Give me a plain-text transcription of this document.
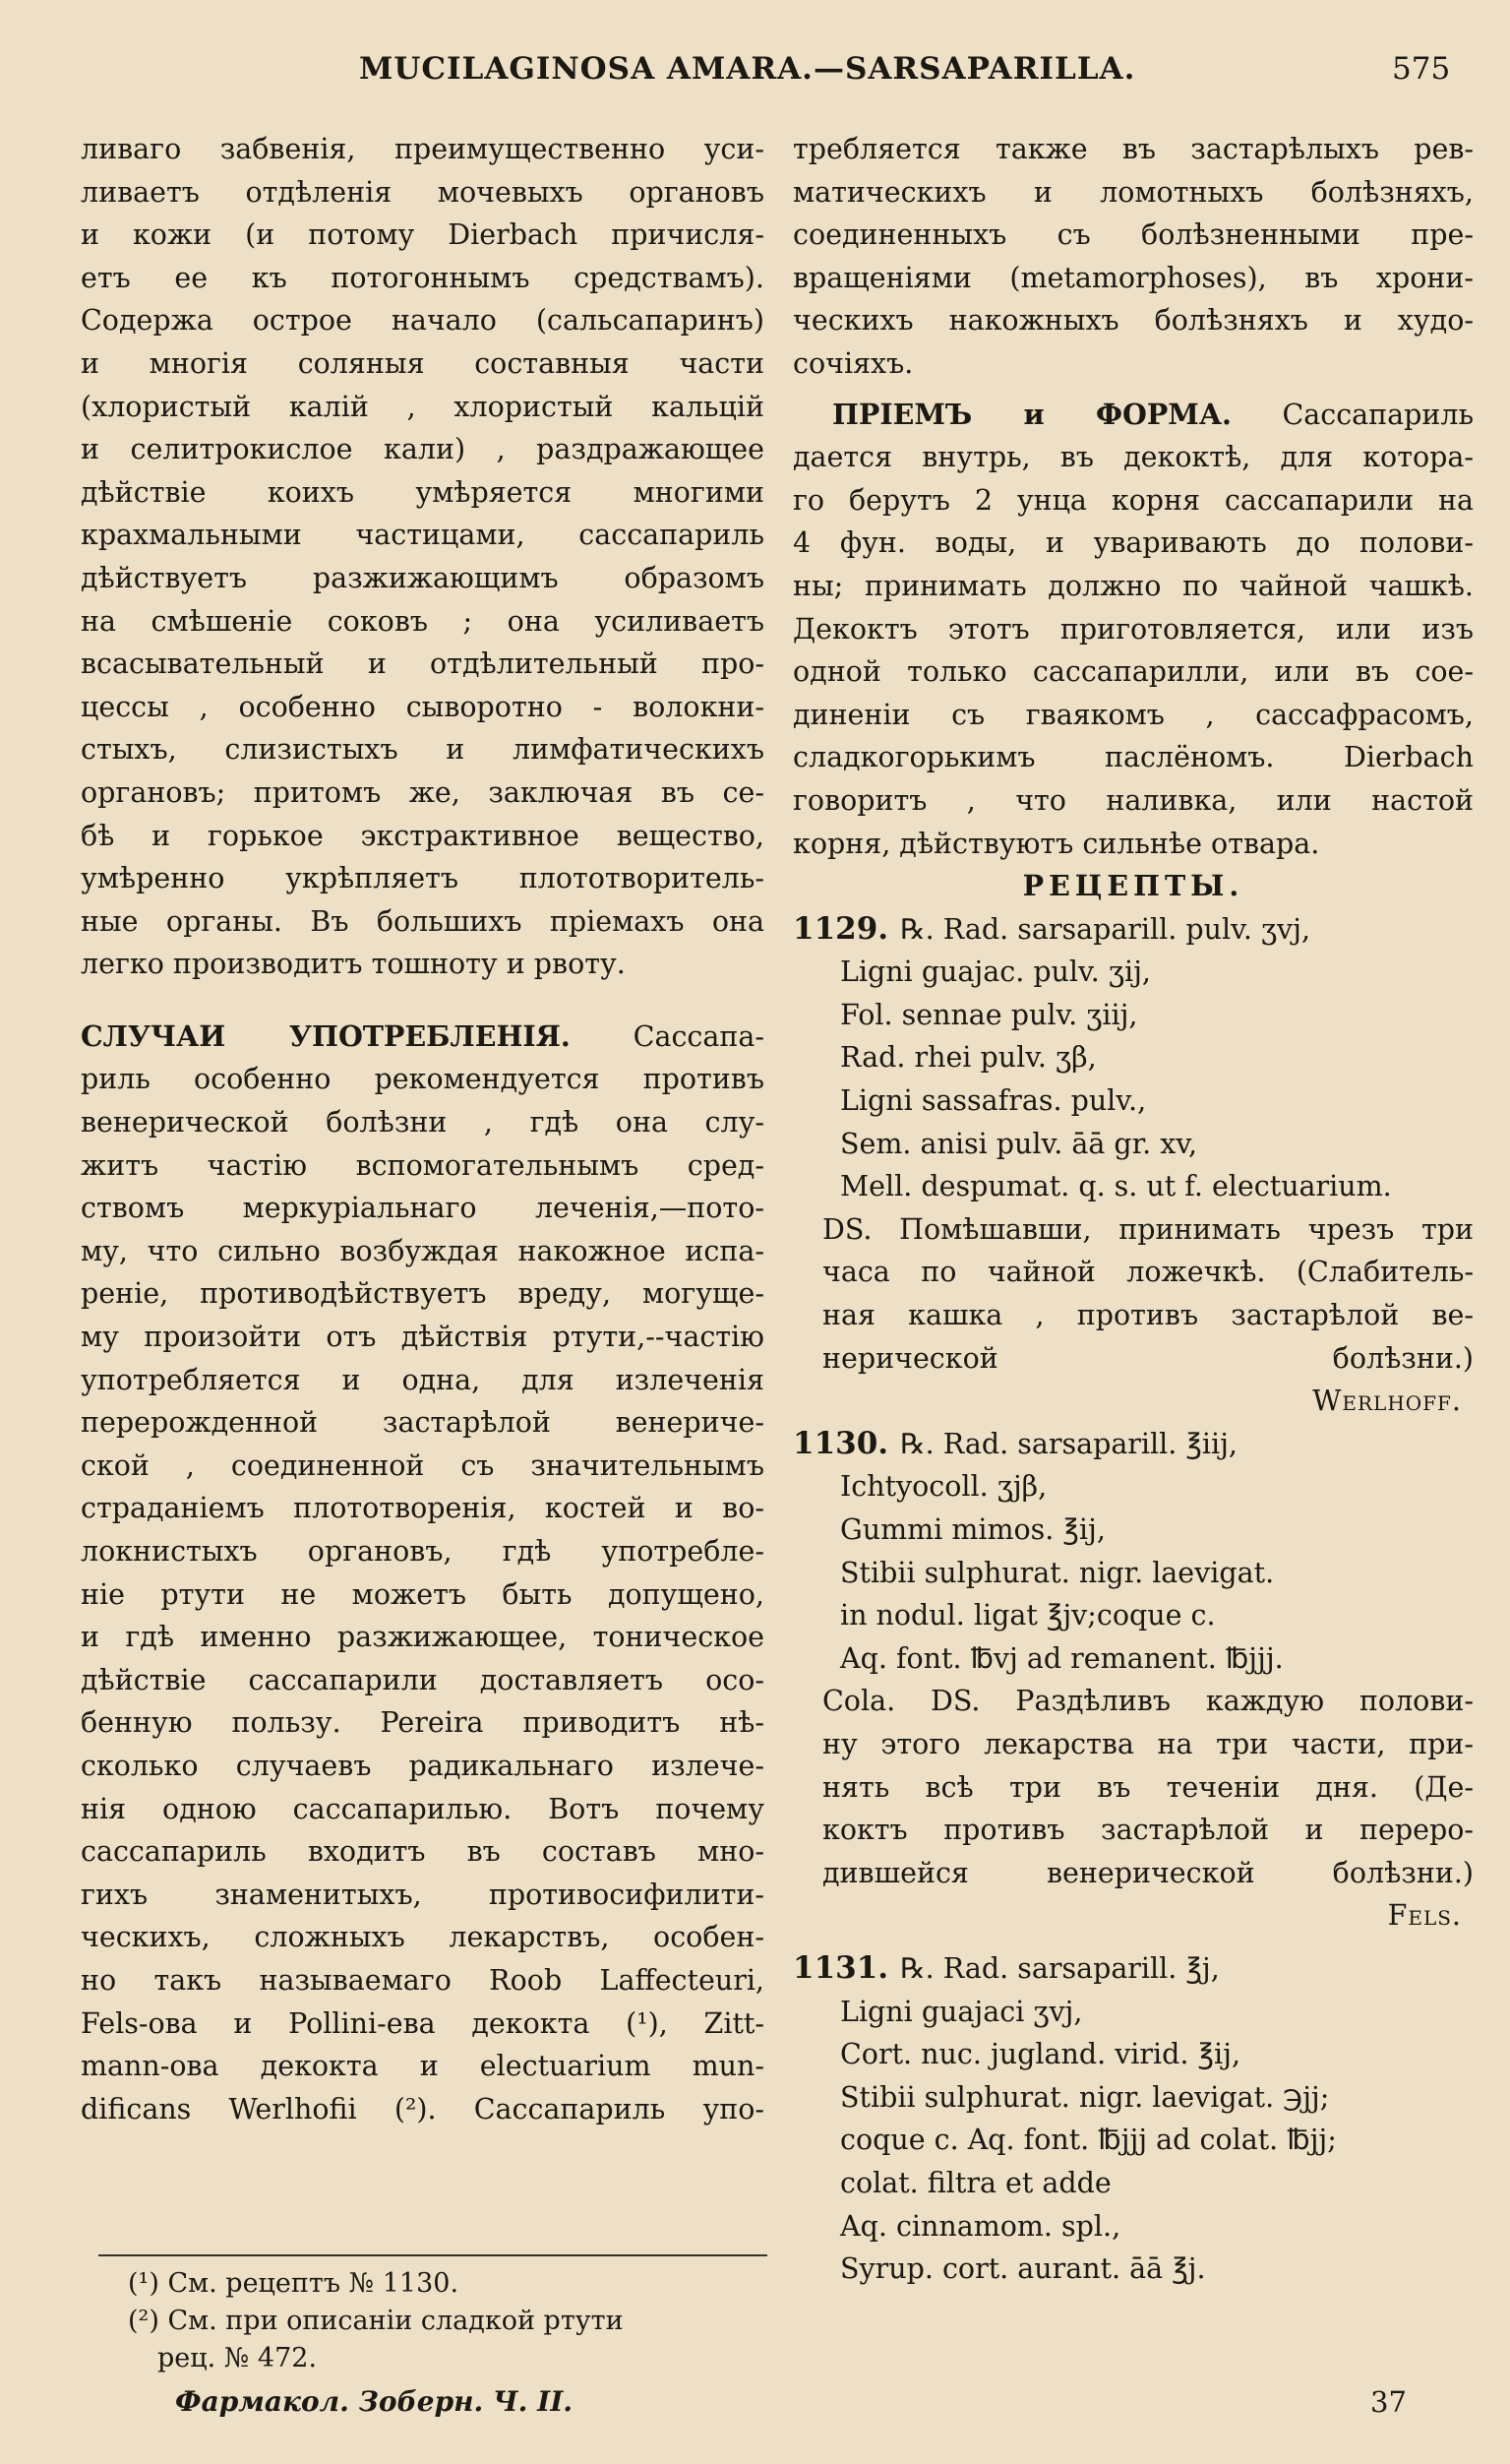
MUCILAGINOSA AMARA.—SARSAPARILLA.	575
ливаго забвенія, преимущественно уси-
ливаетъ отдѣленія мочевыхъ органовъ
и кожи (и потому Dierbach причисля-
етъ ее къ потогоннымъ средствамъ).
Содержа острое начало (сальсапаринъ)
и многія соляныя составныя части
(хлористый калій , хлористый кальцій
и селитрокислое кали) , раздражающее
дѣйствіе коихъ умѣряется многими
крахмальными частицами, сассапариль
дѣйствуетъ разжижающимъ образомъ
на смѣшеніе соковъ ; она усиливаетъ
всасывательный и отдѣлительный про-
цессы , особенно сывоpотно - волокни-
стыхъ, слизистыхъ и лимфатическихъ
органовъ; притомъ же, заключая въ се-
бѣ и горькое экстрактивное вещество,
умѣренно укрѣпляетъ плототворитель-
ные органы. Въ большихъ пріемахъ она
легко производитъ тошноту и рвоту.
СЛУЧАИ УПОТРЕБЛЕНІЯ. Сассапа-
риль особенно рекомендуется противъ
венерической болѣзни , гдѣ она слу-
житъ частію вспомогательнымъ сред-
ствомъ меркуріальнаго леченія,—пото-
му, что сильно возбуждая накожное испа-
реніе, противодѣйствуетъ вреду, могуще-
му произойти отъ дѣйствія ртути,--частію
употребляется и одна, для излеченія
перерожденной застарѣлой венериче-
ской , соединенной съ значительнымъ
страданіемъ плототворенія, костей и во-
локнистыхъ органовъ, гдѣ употребле-
ніе ртути не можетъ быть допущено,
и гдѣ именно разжижающее, тоническое
дѣйствіе сассапарили доставляетъ осо-
бенную пользу. Pereira приводитъ нѣ-
сколько случаевъ радикальнаго излече-
нія одною сассапарилью. Вотъ почему
сассапариль входитъ въ составъ мно-
гихъ знаменитыхъ, противосифилити-
ческихъ, сложныхъ лекарствъ, особен-
но такъ называемаго Roob Laffecteuri,
Fels-ова и Pollini-ева декокта (¹), Zitt-
mann-ова декокта и electuarium mun-
dificans Werlhofii (²). Сассапариль упо-
(¹) См. рецептъ № 1130.
(²) См. при описаніи сладкой ртути
рец. № 472.
требляется также въ застарѣлыхъ рев-
матическихъ и ломотныхъ болѣзняхъ,
соединенныхъ съ болѣзненными пре-
вращеніями (metamorphoses), въ хрони-
ческихъ накожныхъ болѣзняхъ и худо-
сочіяхъ.
ПРІЕМЪ и ФОРМА. Сассапариль
дается внутрь, въ декоктѣ, для котора-
го берутъ 2 унца корня сассапарили на
4 фун. воды, и уваривають до полови-
ны; принимать должно по чайной чашкѣ.
Декоктъ этотъ приготовляется, или изъ
одной только сассапарилли, или въ сое-
диненіи съ гваякомъ , сассафрасомъ,
сладкогорькимъ паслёномъ. Dierbach
говоритъ , что наливка, или настой
корня, дѣйствуютъ сильнѣе отвара.
РЕЦЕПТЫ.
1129. ℞. Rad. sarsaparill. pulv. ʒvj,
Ligni guajac. pulv. ʒij,
Fol. sennae pulv. ʒiij,
Rad. rhei pulv. ʒβ,
Ligni sassafras. pulv.,
Sem. anisi pulv. āā gr. xv,
Mell. despumat. q. s. ut f. electuarium.
DS. Помѣшавши, принимать чрезъ три
часа по чайной ложечкѣ. (Слабитель-
ная кашка , противъ застарѣлой ве-
нерической болѣзни.)
Werlhoff.
1130. ℞. Rad. sarsaparill. ℥iij,
Ichtyocoll. ʒjβ,
Gummi mimos. ℥ij,
Stibii sulphurat. nigr. laevigat.
in nodul. ligat ℥jv;coque c.
Aq. font. ℔vj ad remanent. ℔jjj.
Cola. DS. Раздѣливъ каждую полови-
ну этого лекарства на три части, при-
нять всѣ три въ теченіи дня. (Де-
коктъ противъ застарѣлой и перерo-
дившейся венерической болѣзни.)
Fels.
1131. ℞. Rad. sarsaparill. ℥j,
Ligni guajaci ʒvj,
Cort. nuc. jugland. virid. ℥ij,
Stibii sulphurat. nigr. laevigat. ℈jj;
coque c. Aq. font. ℔jjj ad colat. ℔jj;
colat. filtra et adde
Aq. cinnamom. spl.,
Syrup. cort. aurant. āā ℥j.
Фармакол. Зоберн. Ч. II.	37
